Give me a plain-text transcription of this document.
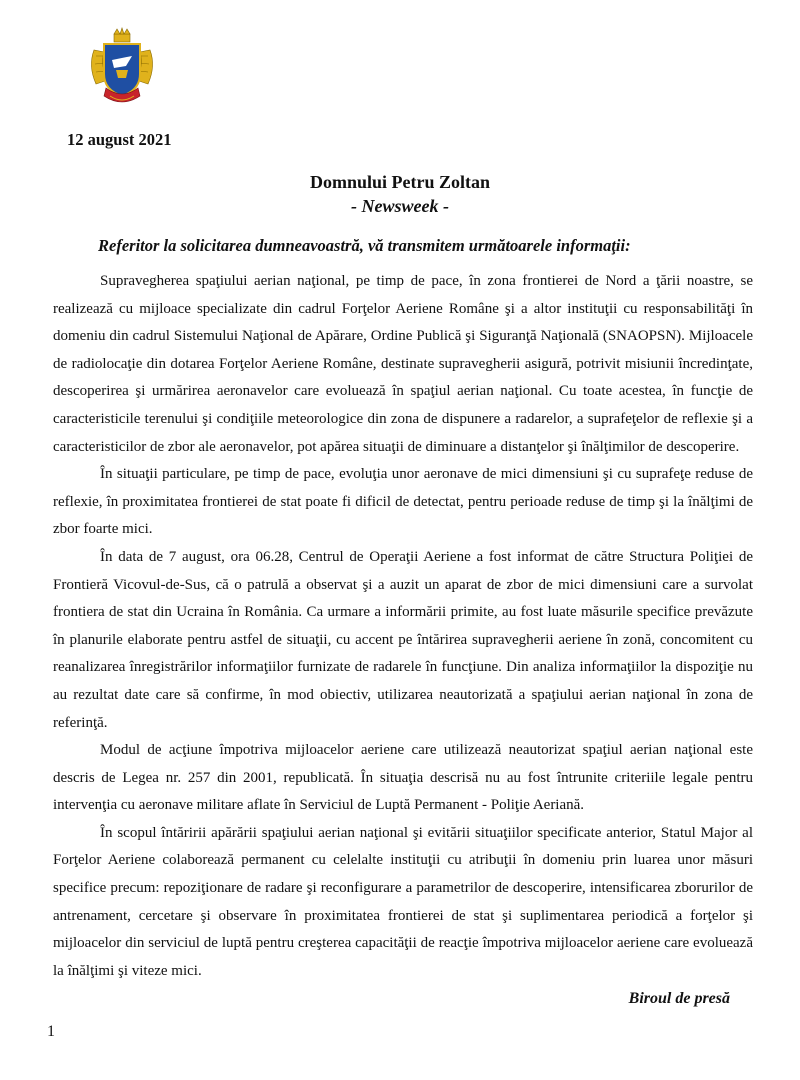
12 august 2021
Domnului Petru Zoltan
- Newsweek -
Referitor la solicitarea dumneavoastră, vă transmitem următoarele informaţii:

Supravegherea spaţiului aerian naţional, pe timp de pace, în zona frontierei de Nord a ţării noastre, se realizează cu mijloace specializate din cadrul Forţelor Aeriene Române şi a altor instituţii cu responsabilităţi în domeniu din cadrul Sistemului Naţional de Apărare, Ordine Publică şi Siguranţă Naţională (SNAOPSN). Mijloacele de radiolocaţie din dotarea Forţelor Aeriene Române, destinate supravegherii asigură, potrivit misiunii încredinţate, descoperirea şi urmărirea aeronavelor care evoluează în spaţiul aerian naţional. Cu toate acestea, în funcţie de caracteristicile terenului şi condiţiile meteorologice din zona de dispunere a radarelor, a suprafeţelor de reflexie şi a caracteristicilor de zbor ale aeronavelor, pot apărea situaţii de diminuare a distanţelor şi înălţimilor de descoperire.

În situaţii particulare, pe timp de pace, evoluţia unor aeronave de mici dimensiuni şi cu suprafeţe reduse de reflexie, în proximitatea frontierei de stat poate fi dificil de detectat, pentru perioade reduse de timp şi la înălţimi de zbor foarte mici.

În data de 7 august, ora 06.28, Centrul de Operaţii Aeriene a fost informat de către Structura Poliţiei de Frontieră Vicovul-de-Sus, că o patrulă a observat şi a auzit un aparat de zbor de mici dimensiuni care a survolat frontiera de stat din Ucraina în România. Ca urmare a informării primite, au fost luate măsurile specifice prevăzute în planurile elaborate pentru astfel de situaţii, cu accent pe întărirea supravegherii aeriene în zonă, concomitent cu reanalizarea înregistrărilor informaţiilor furnizate de radarele în funcţiune. Din analiza informaţiilor la dispoziţie nu au rezultat date care să confirme, în mod obiectiv, utilizarea neautorizată a spaţiului aerian naţional în zona de referinţă.

Modul de acţiune împotriva mijloacelor aeriene care utilizează neautorizat spaţiul aerian naţional este descris de Legea nr. 257 din 2001, republicată. În situaţia descrisă nu au fost întrunite criteriile legale pentru intervenţia cu aeronave militare aflate în Serviciul de Luptă Permanent - Poliţie Aeriană.

În scopul întăririi apărării spaţiului aerian naţional şi evitării situaţiilor specificate anterior, Statul Major al Forţelor Aeriene colaborează permanent cu celelalte instituţii cu atribuţii în domeniu prin luarea unor măsuri specifice precum: repoziţionare de radare şi reconfigurare a parametrilor de descoperire, intensificarea zborurilor de antrenament, cercetare şi observare în proximitatea frontierei de stat şi suplimentarea periodică a forţelor şi mijloacelor din serviciul de luptă pentru creşterea capacităţii de reacţie împotriva mijloacelor aeriene care evoluează la înălţimi şi viteze mici.

Biroul de presă
1
